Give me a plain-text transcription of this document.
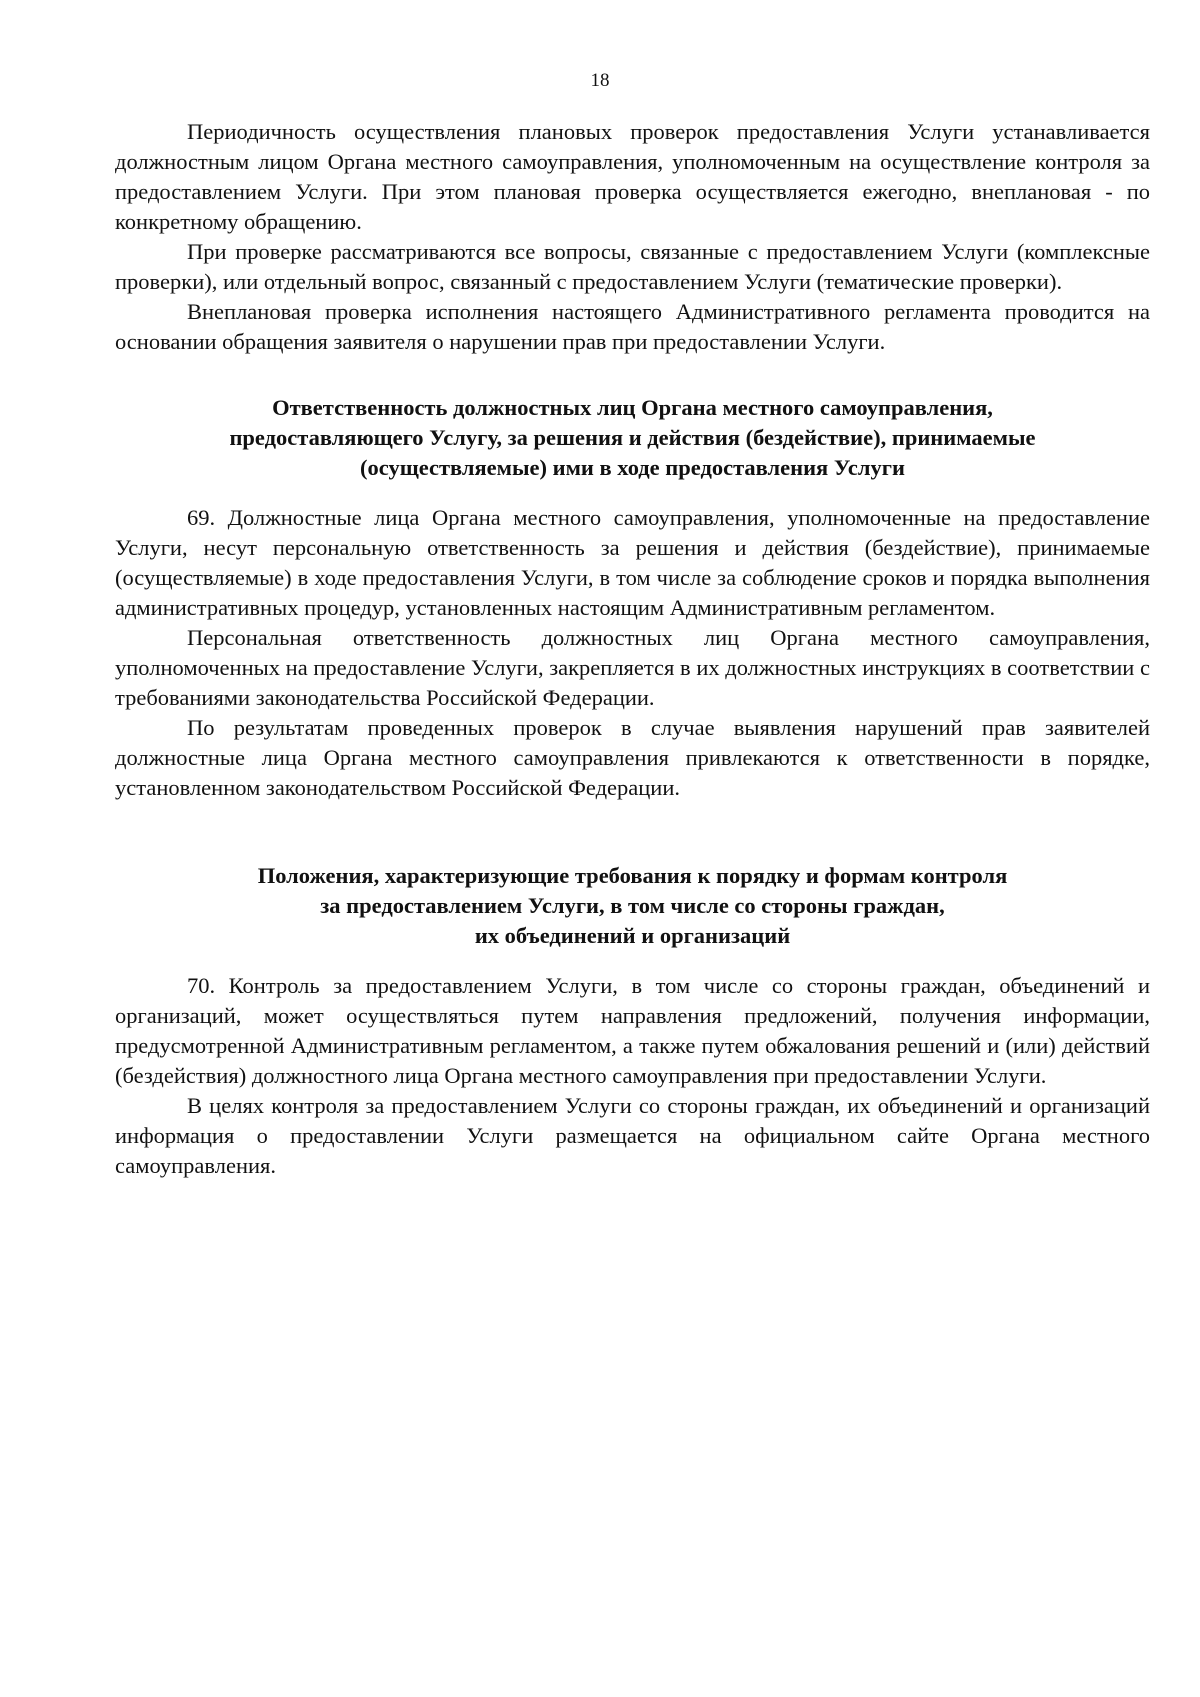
18

Периодичность осуществления плановых проверок предоставления Услуги устанавливается должностным лицом Органа местного самоуправления, уполномоченным на осуществление контроля за предоставлением Услуги. При этом плановая проверка осуществляется ежегодно, внеплановая - по конкретному обращению.

При проверке рассматриваются все вопросы, связанные с предоставлением Услуги (комплексные проверки), или отдельный вопрос, связанный с предоставлением Услуги (тематические проверки).

Внеплановая проверка исполнения настоящего Административного регламента проводится на основании обращения заявителя о нарушении прав при предоставлении Услуги.

Ответственность должностных лиц Органа местного самоуправления,
предоставляющего Услугу, за решения и действия (бездействие), принимаемые
(осуществляемые) ими в ходе предоставления Услуги

69. Должностные лица Органа местного самоуправления, уполномоченные на предоставление Услуги, несут персональную ответственность за решения и действия (бездействие), принимаемые (осуществляемые) в ходе предоставления Услуги, в том числе за соблюдение сроков и порядка выполнения административных процедур, установленных настоящим Административным регламентом.

Персональная ответственность должностных лиц Органа местного самоуправления, уполномоченных на предоставление Услуги, закрепляется в их должностных инструкциях в соответствии с требованиями законодательства Российской Федерации.

По результатам проведенных проверок в случае выявления нарушений прав заявителей должностные лица Органа местного самоуправления привлекаются к ответственности в порядке, установленном законодательством Российской Федерации.

Положения, характеризующие требования к порядку и формам контроля
за предоставлением Услуги, в том числе со стороны граждан,
их объединений и организаций

70. Контроль за предоставлением Услуги, в том числе со стороны граждан, объединений и организаций, может осуществляться путем направления предложений, получения информации, предусмотренной Административным регламентом, а также путем обжалования решений и (или) действий (бездействия) должностного лица Органа местного самоуправления при предоставлении Услуги.

В целях контроля за предоставлением Услуги со стороны граждан, их объединений и организаций информация о предоставлении Услуги размещается на официальном сайте Органа местного самоуправления.
